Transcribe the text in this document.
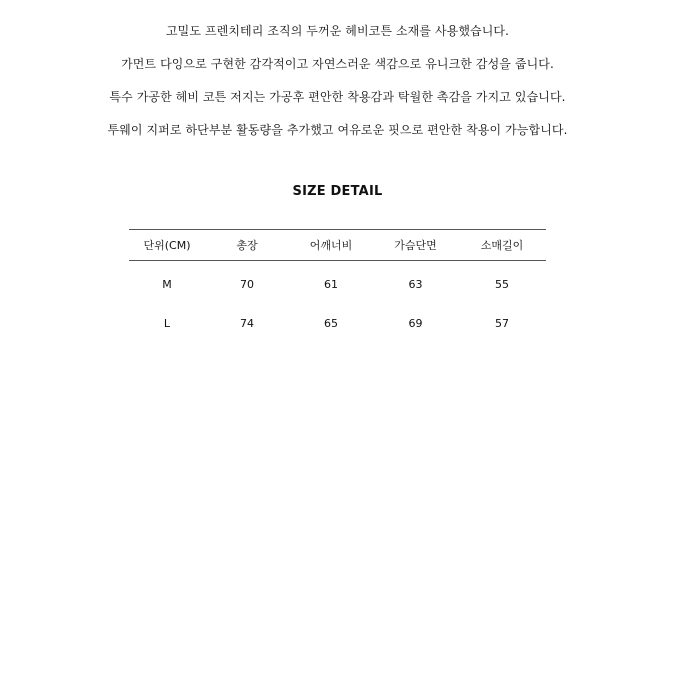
고밀도 프렌치테리 조직의 두꺼운 헤비코튼 소재를 사용했습니다.
가먼트 다잉으로 구현한 감각적이고 자연스러운 색감으로 유니크한 감성을 줍니다.
특수 가공한 헤비 코튼 저지는 가공후 편안한 착용감과 탁월한 촉감을 가지고 있습니다.
투웨이 지퍼로 하단부분 활동량을 추가했고 여유로운 핏으로 편안한 착용이 가능합니다.
SIZE DETAIL
단위(CM)	총장	어깨너비	가슴단면	소매길이
M	70	61	63	55
L	74	65	69	57
